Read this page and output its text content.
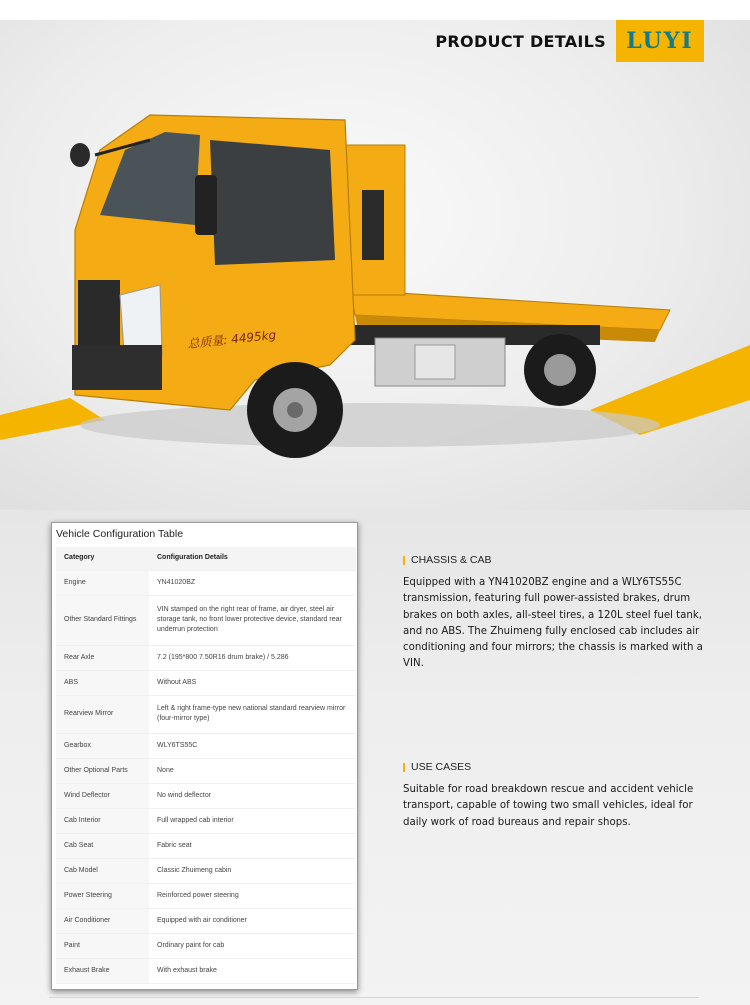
PRODUCT DETAILS LUYI
总质量: 4495kg
Vehicle Configuration Table
Category	Configuration Details
Engine	YN41020BZ
Other Standard Fittings	VIN stamped on the right rear of frame, air dryer, steel air storage tank, no front lower protective device, standard rear underrun protection
Rear Axle	7.2 (195*800 7.50R16 drum brake) / 5.286
ABS	Without ABS
Rearview Mirror	Left & right frame-type new national standard rearview mirror (four-mirror type)
Gearbox	WLY6TS55C
Other Optional Parts	None
Wind Deflector	No wind deflector
Cab Interior	Full wrapped cab interior
Cab Seat	Fabric seat
Cab Model	Classic Zhuimeng cabin
Power Steering	Reinforced power steering
Air Conditioner	Equipped with air conditioner
Paint	Ordinary paint for cab
Exhaust Brake	With exhaust brake
CHASSIS & CAB

Equipped with a YN41020BZ engine and a WLY6TS55C transmission, featuring full power-assisted brakes, drum brakes on both axles, all-steel tires, a 120L steel fuel tank, and no ABS. The Zhuimeng fully enclosed cab includes air conditioning and four mirrors; the chassis is marked with a VIN.

USE CASES

Suitable for road breakdown rescue and accident vehicle transport, capable of towing two small vehicles, ideal for daily work of road bureaus and repair shops.
